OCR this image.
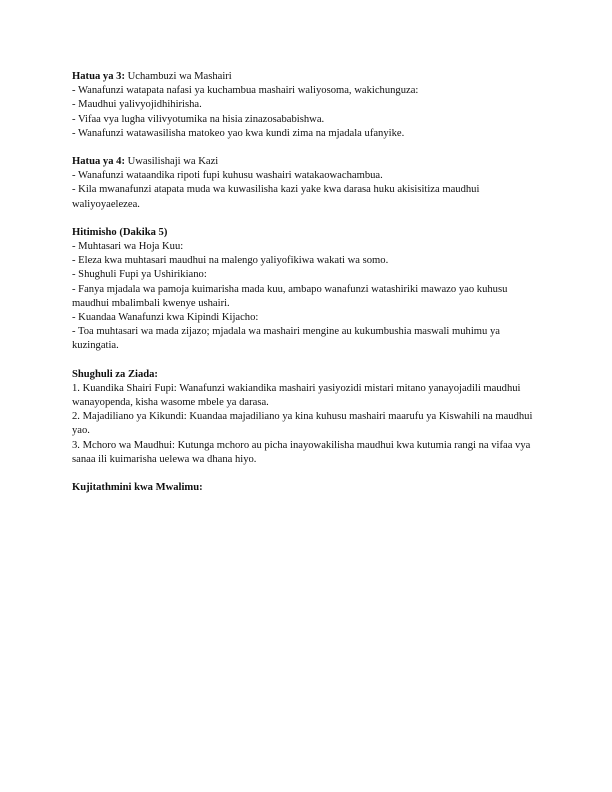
Hatua ya 3: Uchambuzi wa Mashairi
- Wanafunzi watapata nafasi ya kuchambua mashairi waliyosoma, wakichunguza:
- Maudhui yalivyojidhihirisha.
- Vifaa vya lugha vilivyotumika na hisia zinazosababishwa.
- Wanafunzi watawasilisha matokeo yao kwa kundi zima na mjadala ufanyike.
Hatua ya 4: Uwasilishaji wa Kazi
- Wanafunzi wataandika ripoti fupi kuhusu washairi watakaowachambua.
- Kila mwanafunzi atapata muda wa kuwasilisha kazi yake kwa darasa huku akisisitiza maudhui waliyoyaelezea.
Hitimisho (Dakika 5)
- Muhtasari wa Hoja Kuu:
- Eleza kwa muhtasari maudhui na malengo yaliyofikiwa wakati wa somo.
- Shughuli Fupi ya Ushirikiano:
- Fanya mjadala wa pamoja kuimarisha mada kuu, ambapo wanafunzi watashiriki mawazo yao kuhusu maudhui mbalimbali kwenye ushairi.
- Kuandaa Wanafunzi kwa Kipindi Kijacho:
- Toa muhtasari wa mada zijazo; mjadala wa mashairi mengine au kukumbushia maswali muhimu ya kuzingatia.
Shughuli za Ziada:
1. Kuandika Shairi Fupi: Wanafunzi wakiandika mashairi yasiyozidi mistari mitano yanayojadili maudhui wanayopenda, kisha wasome mbele ya darasa.
2. Majadiliano ya Kikundi: Kuandaa majadiliano ya kina kuhusu mashairi maarufu ya Kiswahili na maudhui yao.
3. Mchoro wa Maudhui: Kutunga mchoro au picha inayowakilisha maudhui kwa kutumia rangi na vifaa vya sanaa ili kuimarisha uelewa wa dhana hiyo.
Kujitathmini kwa Mwalimu:
